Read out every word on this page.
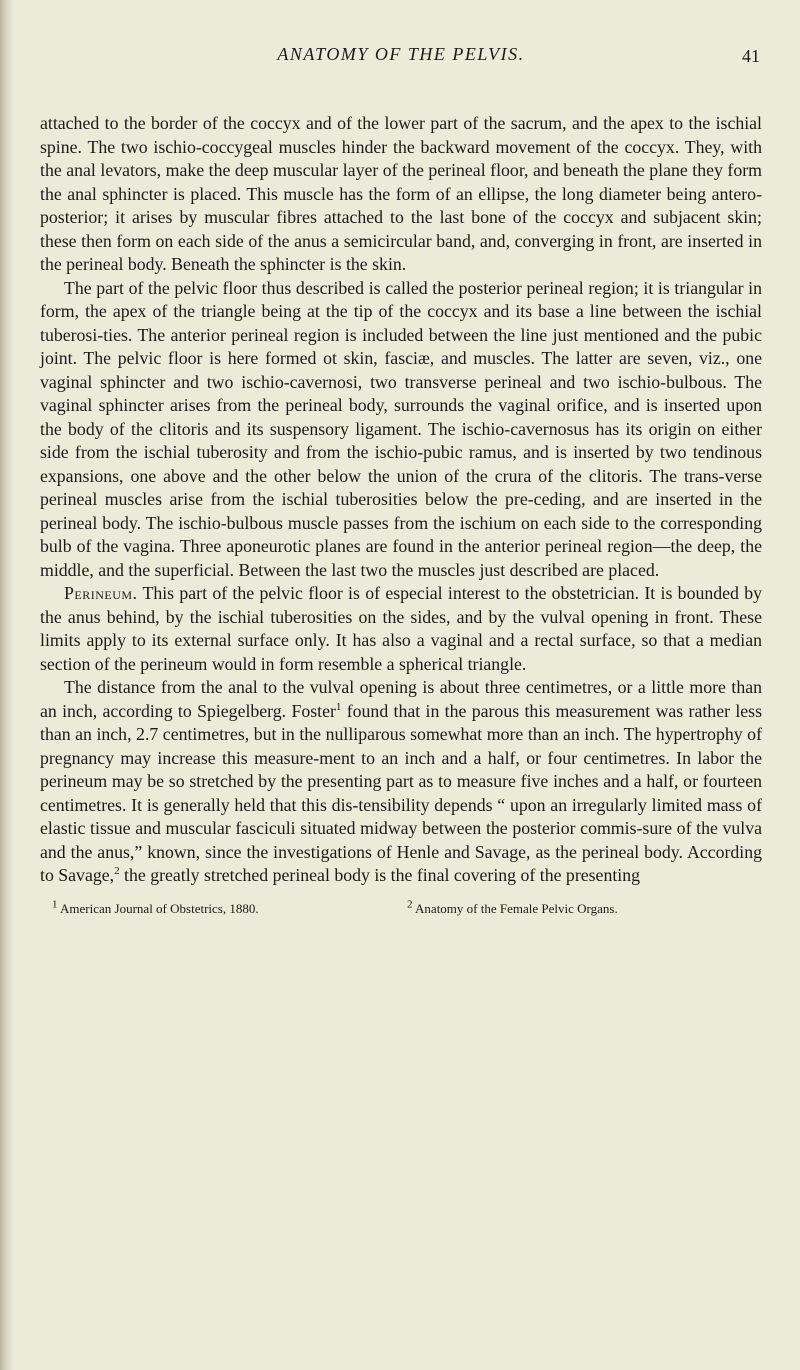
ANATOMY OF THE PELVIS.	41

attached to the border of the coccyx and of the lower part of the sacrum, and the apex to the ischial spine. The two ischio-coccygeal muscles hinder the backward movement of the coccyx. They, with the anal levators, make the deep muscular layer of the perineal floor, and beneath the plane they form the anal sphincter is placed. This muscle has the form of an ellipse, the long diameter being antero-posterior; it arises by muscular fibres attached to the last bone of the coccyx and subjacent skin; these then form on each side of the anus a semicircular band, and, converging in front, are inserted in the perineal body. Beneath the sphincter is the skin.

The part of the pelvic floor thus described is called the posterior perineal region; it is triangular in form, the apex of the triangle being at the tip of the coccyx and its base a line between the ischial tuberosi-ties. The anterior perineal region is included between the line just mentioned and the pubic joint. The pelvic floor is here formed ot skin, fasciæ, and muscles. The latter are seven, viz., one vaginal sphincter and two ischio-cavernosi, two transverse perineal and two ischio-bulbous. The vaginal sphincter arises from the perineal body, surrounds the vaginal orifice, and is inserted upon the body of the clitoris and its suspensory ligament. The ischio-cavernosus has its origin on either side from the ischial tuberosity and from the ischio-pubic ramus, and is inserted by two tendinous expansions, one above and the other below the union of the crura of the clitoris. The trans-verse perineal muscles arise from the ischial tuberosities below the pre-ceding, and are inserted in the perineal body. The ischio-bulbous muscle passes from the ischium on each side to the corresponding bulb of the vagina. Three aponeurotic planes are found in the anterior perineal region—the deep, the middle, and the superficial. Between the last two the muscles just described are placed.

Perineum. This part of the pelvic floor is of especial interest to the obstetrician. It is bounded by the anus behind, by the ischial tuberosities on the sides, and by the vulval opening in front. These limits apply to its external surface only. It has also a vaginal and a rectal surface, so that a median section of the perineum would in form resemble a spherical triangle.

The distance from the anal to the vulval opening is about three centimetres, or a little more than an inch, according to Spiegelberg. Foster$^1$ found that in the parous this measurement was rather less than an inch, 2.7 centimetres, but in the nulliparous somewhat more than an inch. The hypertrophy of pregnancy may increase this measure-ment to an inch and a half, or four centimetres. In labor the perineum may be so stretched by the presenting part as to measure five inches and a half, or fourteen centimetres. It is generally held that this dis-tensibility depends “ upon an irregularly limited mass of elastic tissue and muscular fasciculi situated midway between the posterior commis-sure of the vulva and the anus,” known, since the investigations of Henle and Savage, as the perineal body. According to Savage,$^2$ the greatly stretched perineal body is the final covering of the presenting

$^1$ American Journal of Obstetrics, 1880.	$^2$ Anatomy of the Female Pelvic Organs.
